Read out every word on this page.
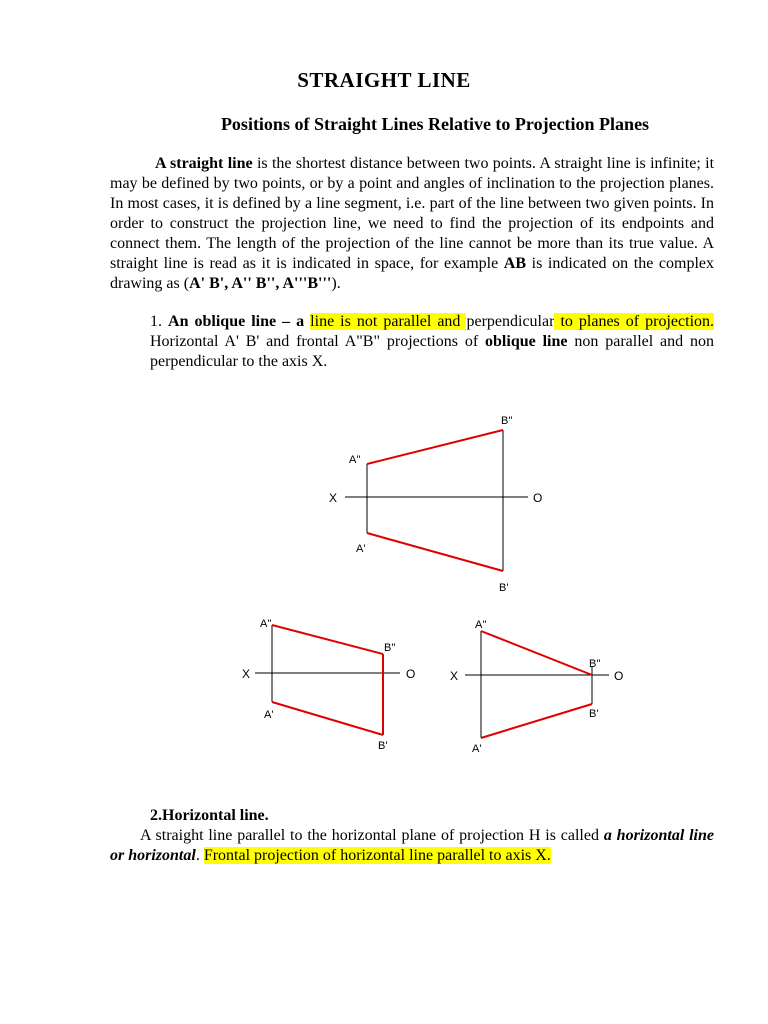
STRAIGHT LINE
Positions of Straight Lines Relative to Projection Planes
A straight line is the shortest distance between two points. A straight line is infinite; it may be defined by two points, or by a point and angles of inclination to the projection planes. In most cases, it is defined by a line segment, i.e. part of the line between two given points. In order to construct the projection line, we need to find the projection of its endpoints and connect them. The length of the projection of the line cannot be more than its true value. A straight line is read as it is indicated in space, for example AB is indicated on the complex drawing as (A' B', A'' B'', A'''B''').
1. An oblique line – a line is not parallel and perpendicular to planes of projection. Horizontal A' B' and frontal A"B" projections of oblique line non parallel and non perpendicular to the axis X.
X	O
A''
B''
A'
B'
X	O
A''
B''
A'
B'
X	O
A''
B''
A'
B'
2.Horizontal line.
A straight line parallel to the horizontal plane of projection H is called a horizontal line or horizontal. Frontal projection of horizontal line parallel to axis X.
